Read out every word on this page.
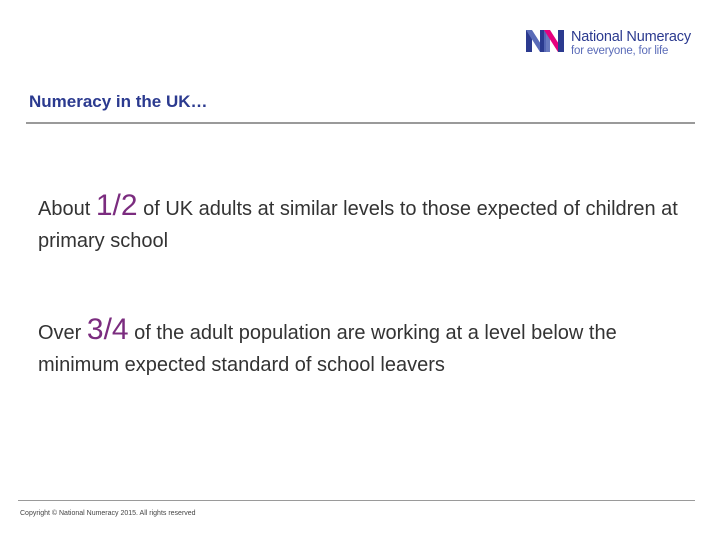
National Numeracy
for everyone, for life
Numeracy in the UK…
About 1/2 of UK adults at similar levels to those expected of children at primary school
Over 3/4 of the adult population are working at a level below the minimum expected standard of school leavers
Copyright © National Numeracy 2015. All rights reserved
